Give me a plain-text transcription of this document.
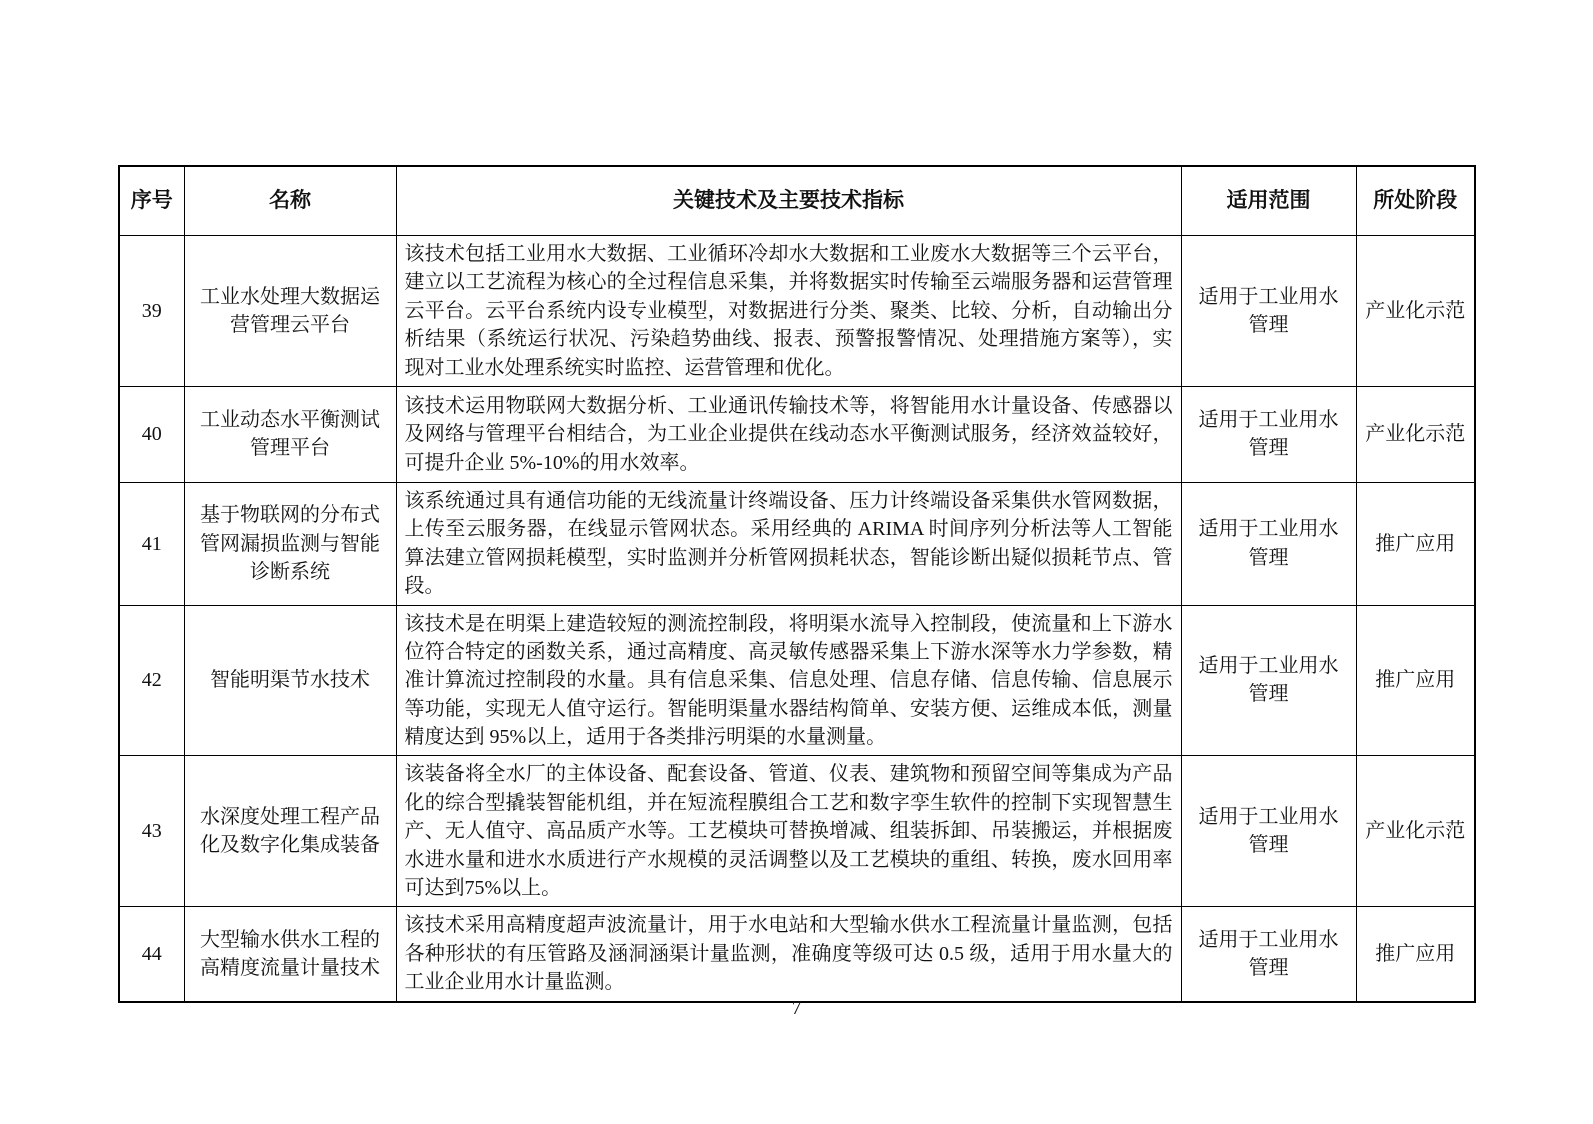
序号	名称	关键技术及主要技术指标	适用范围	所处阶段
39	工业水处理大数据运营管理云平台	该技术包括工业用水大数据、工业循环冷却水大数据和工业废水大数据等三个云平台，建立以工艺流程为核心的全过程信息采集，并将数据实时传输至云端服务器和运营管理云平台。云平台系统内设专业模型，对数据进行分类、聚类、比较、分析，自动输出分析结果（系统运行状况、污染趋势曲线、报表、预警报警情况、处理措施方案等），实现对工业水处理系统实时监控、运营管理和优化。	适用于工业用水管理	产业化示范
40	工业动态水平衡测试管理平台	该技术运用物联网大数据分析、工业通讯传输技术等，将智能用水计量设备、传感器以及网络与管理平台相结合，为工业企业提供在线动态水平衡测试服务，经济效益较好，可提升企业 5%-10%的用水效率。	适用于工业用水管理	产业化示范
41	基于物联网的分布式管网漏损监测与智能诊断系统	该系统通过具有通信功能的无线流量计终端设备、压力计终端设备采集供水管网数据，上传至云服务器，在线显示管网状态。采用经典的 ARIMA 时间序列分析法等人工智能算法建立管网损耗模型，实时监测并分析管网损耗状态，智能诊断出疑似损耗节点、管段。	适用于工业用水管理	推广应用
42	智能明渠节水技术	该技术是在明渠上建造较短的测流控制段，将明渠水流导入控制段，使流量和上下游水位符合特定的函数关系，通过高精度、高灵敏传感器采集上下游水深等水力学参数，精准计算流过控制段的水量。具有信息采集、信息处理、信息存储、信息传输、信息展示等功能，实现无人值守运行。智能明渠量水器结构简单、安装方便、运维成本低，测量精度达到 95%以上，适用于各类排污明渠的水量测量。	适用于工业用水管理	推广应用
43	水深度处理工程产品化及数字化集成装备	该装备将全水厂的主体设备、配套设备、管道、仪表、建筑物和预留空间等集成为产品化的综合型撬装智能机组，并在短流程膜组合工艺和数字孪生软件的控制下实现智慧生产、无人值守、高品质产水等。工艺模块可替换增减、组装拆卸、吊装搬运，并根据废水进水量和进水水质进行产水规模的灵活调整以及工艺模块的重组、转换，废水回用率可达到75%以上。	适用于工业用水管理	产业化示范
44	大型输水供水工程的高精度流量计量技术	该技术采用高精度超声波流量计，用于水电站和大型输水供水工程流量计量监测，包括各种形状的有压管路及涵洞涵渠计量监测，准确度等级可达 0.5 级，适用于用水量大的工业企业用水计量监测。	适用于工业用水管理	推广应用
7
